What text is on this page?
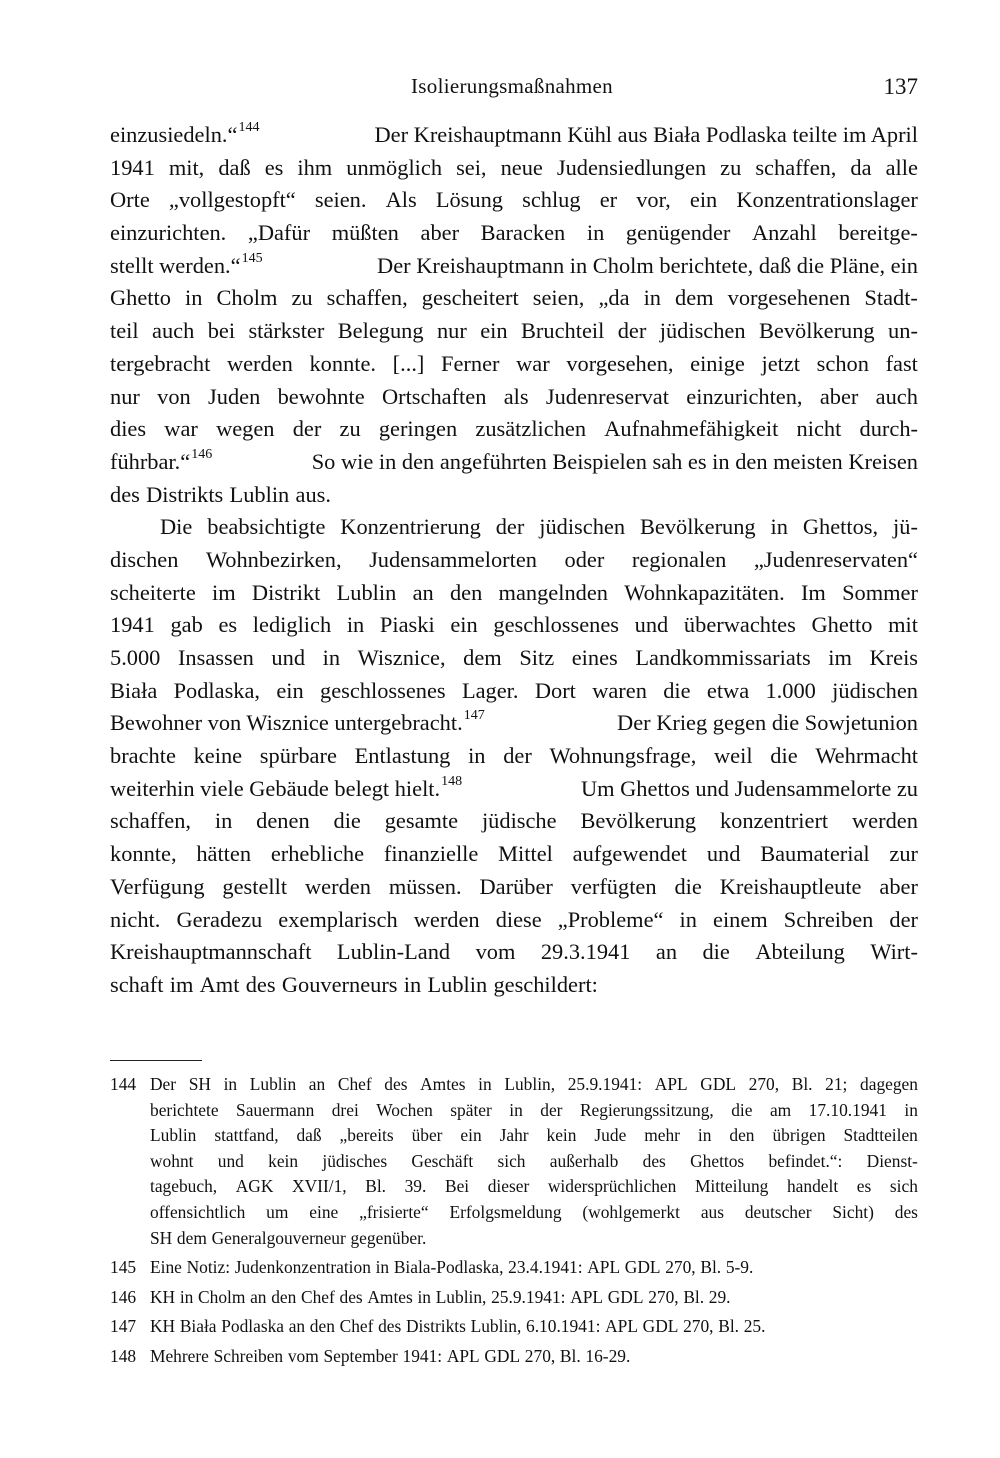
Isolierungsmaßnahmen	137
einzusiedeln.“$^{144}$	Der Kreishauptmann Kühl aus Biała Podlaska teilte im April
1941 mit, daß es ihm unmöglich sei, neue Judensiedlungen zu schaffen, da alle
Orte „vollgestopft“ seien. Als Lösung schlug er vor, ein Konzentrationslager
einzurichten. „Dafür müßten aber Baracken in genügender Anzahl bereitge-
stellt werden.“$^{145}$	Der Kreishauptmann in Cholm berichtete, daß die Pläne, ein
Ghetto in Cholm zu schaffen, gescheitert seien, „da in dem vorgesehenen Stadt-
teil auch bei stärkster Belegung nur ein Bruchteil der jüdischen Bevölkerung un-
tergebracht werden konnte. [...] Ferner war vorgesehen, einige jetzt schon fast
nur von Juden bewohnte Ortschaften als Judenreservat einzurichten, aber auch
dies war wegen der zu geringen zusätzlichen Aufnahmefähigkeit nicht durch-
führbar.“$^{146}$	So wie in den angeführten Beispielen sah es in den meisten Kreisen
des Distrikts Lublin aus.
Die beabsichtigte Konzentrierung der jüdischen Bevölkerung in Ghettos, jü-
dischen Wohnbezirken, Judensammelorten oder regionalen „Judenreservaten“
scheiterte im Distrikt Lublin an den mangelnden Wohnkapazitäten. Im Sommer
1941 gab es lediglich in Piaski ein geschlossenes und überwachtes Ghetto mit
5.000 Insassen und in Wisznice, dem Sitz eines Landkommissariats im Kreis
Biała Podlaska, ein geschlossenes Lager. Dort waren die etwa 1.000 jüdischen
Bewohner von Wisznice untergebracht.$^{147}$	Der Krieg gegen die Sowjetunion
brachte keine spürbare Entlastung in der Wohnungsfrage, weil die Wehrmacht
weiterhin viele Gebäude belegt hielt.$^{148}$	Um Ghettos und Judensammelorte zu
schaffen, in denen die gesamte jüdische Bevölkerung konzentriert werden
konnte, hätten erhebliche finanzielle Mittel aufgewendet und Baumaterial zur
Verfügung gestellt werden müssen. Darüber verfügten die Kreishauptleute aber
nicht. Geradezu exemplarisch werden diese „Probleme“ in einem Schreiben der
Kreishauptmannschaft Lublin-Land vom 29.3.1941 an die Abteilung Wirt-
schaft im Amt des Gouverneurs in Lublin geschildert:
144 Der SH in Lublin an Chef des Amtes in Lublin, 25.9.1941: APL GDL 270, Bl. 21; dagegen
berichtete Sauermann drei Wochen später in der Regierungssitzung, die am 17.10.1941 in
Lublin stattfand, daß „bereits über ein Jahr kein Jude mehr in den übrigen Stadtteilen
wohnt und kein jüdisches Geschäft sich außerhalb des Ghettos befindet.“: Dienst-
tagebuch, AGK XVII/1, Bl. 39. Bei dieser widersprüchlichen Mitteilung handelt es sich
offensichtlich um eine „frisierte“ Erfolgsmeldung (wohlgemerkt aus deutscher Sicht) des
SH dem Generalgouverneur gegenüber.
145 Eine Notiz: Judenkonzentration in Biala-Podlaska, 23.4.1941: APL GDL 270, Bl. 5-9.
146 KH in Cholm an den Chef des Amtes in Lublin, 25.9.1941: APL GDL 270, Bl. 29.
147 KH Biała Podlaska an den Chef des Distrikts Lublin, 6.10.1941: APL GDL 270, Bl. 25.
148 Mehrere Schreiben vom September 1941: APL GDL 270, Bl. 16-29.
